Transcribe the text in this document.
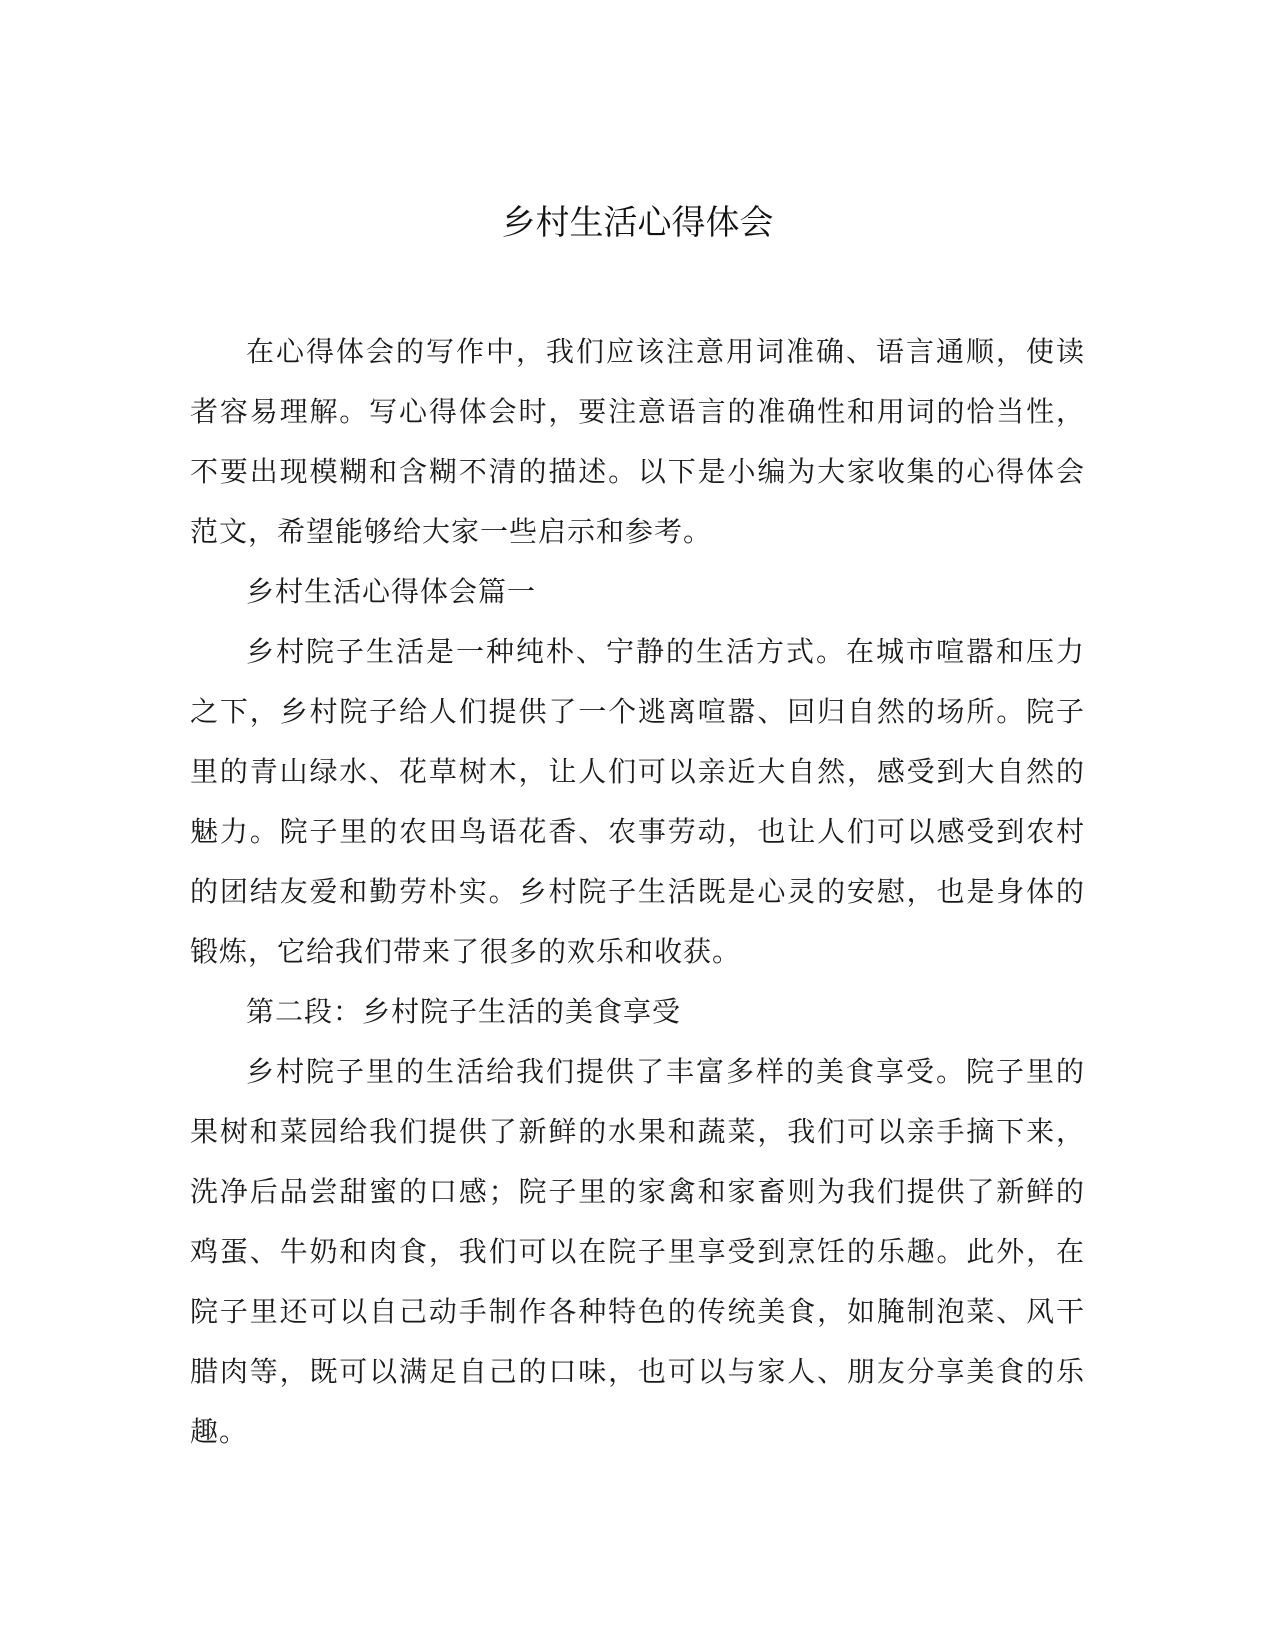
乡村生活心得体会

在心得体会的写作中，我们应该注意用词准确、语言通顺，使读者容易理解。写心得体会时，要注意语言的准确性和用词的恰当性，不要出现模糊和含糊不清的描述。以下是小编为大家收集的心得体会范文，希望能够给大家一些启示和参考。

乡村生活心得体会篇一

乡村院子生活是一种纯朴、宁静的生活方式。在城市喧嚣和压力之下，乡村院子给人们提供了一个逃离喧嚣、回归自然的场所。院子里的青山绿水、花草树木，让人们可以亲近大自然，感受到大自然的魅力。院子里的农田鸟语花香、农事劳动，也让人们可以感受到农村的团结友爱和勤劳朴实。乡村院子生活既是心灵的安慰，也是身体的锻炼，它给我们带来了很多的欢乐和收获。

第二段：乡村院子生活的美食享受

乡村院子里的生活给我们提供了丰富多样的美食享受。院子里的果树和菜园给我们提供了新鲜的水果和蔬菜，我们可以亲手摘下来，洗净后品尝甜蜜的口感；院子里的家禽和家畜则为我们提供了新鲜的鸡蛋、牛奶和肉食，我们可以在院子里享受到烹饪的乐趣。此外，在院子里还可以自己动手制作各种特色的传统美食，如腌制泡菜、风干腊肉等，既可以满足自己的口味，也可以与家人、朋友分享美食的乐趣。
